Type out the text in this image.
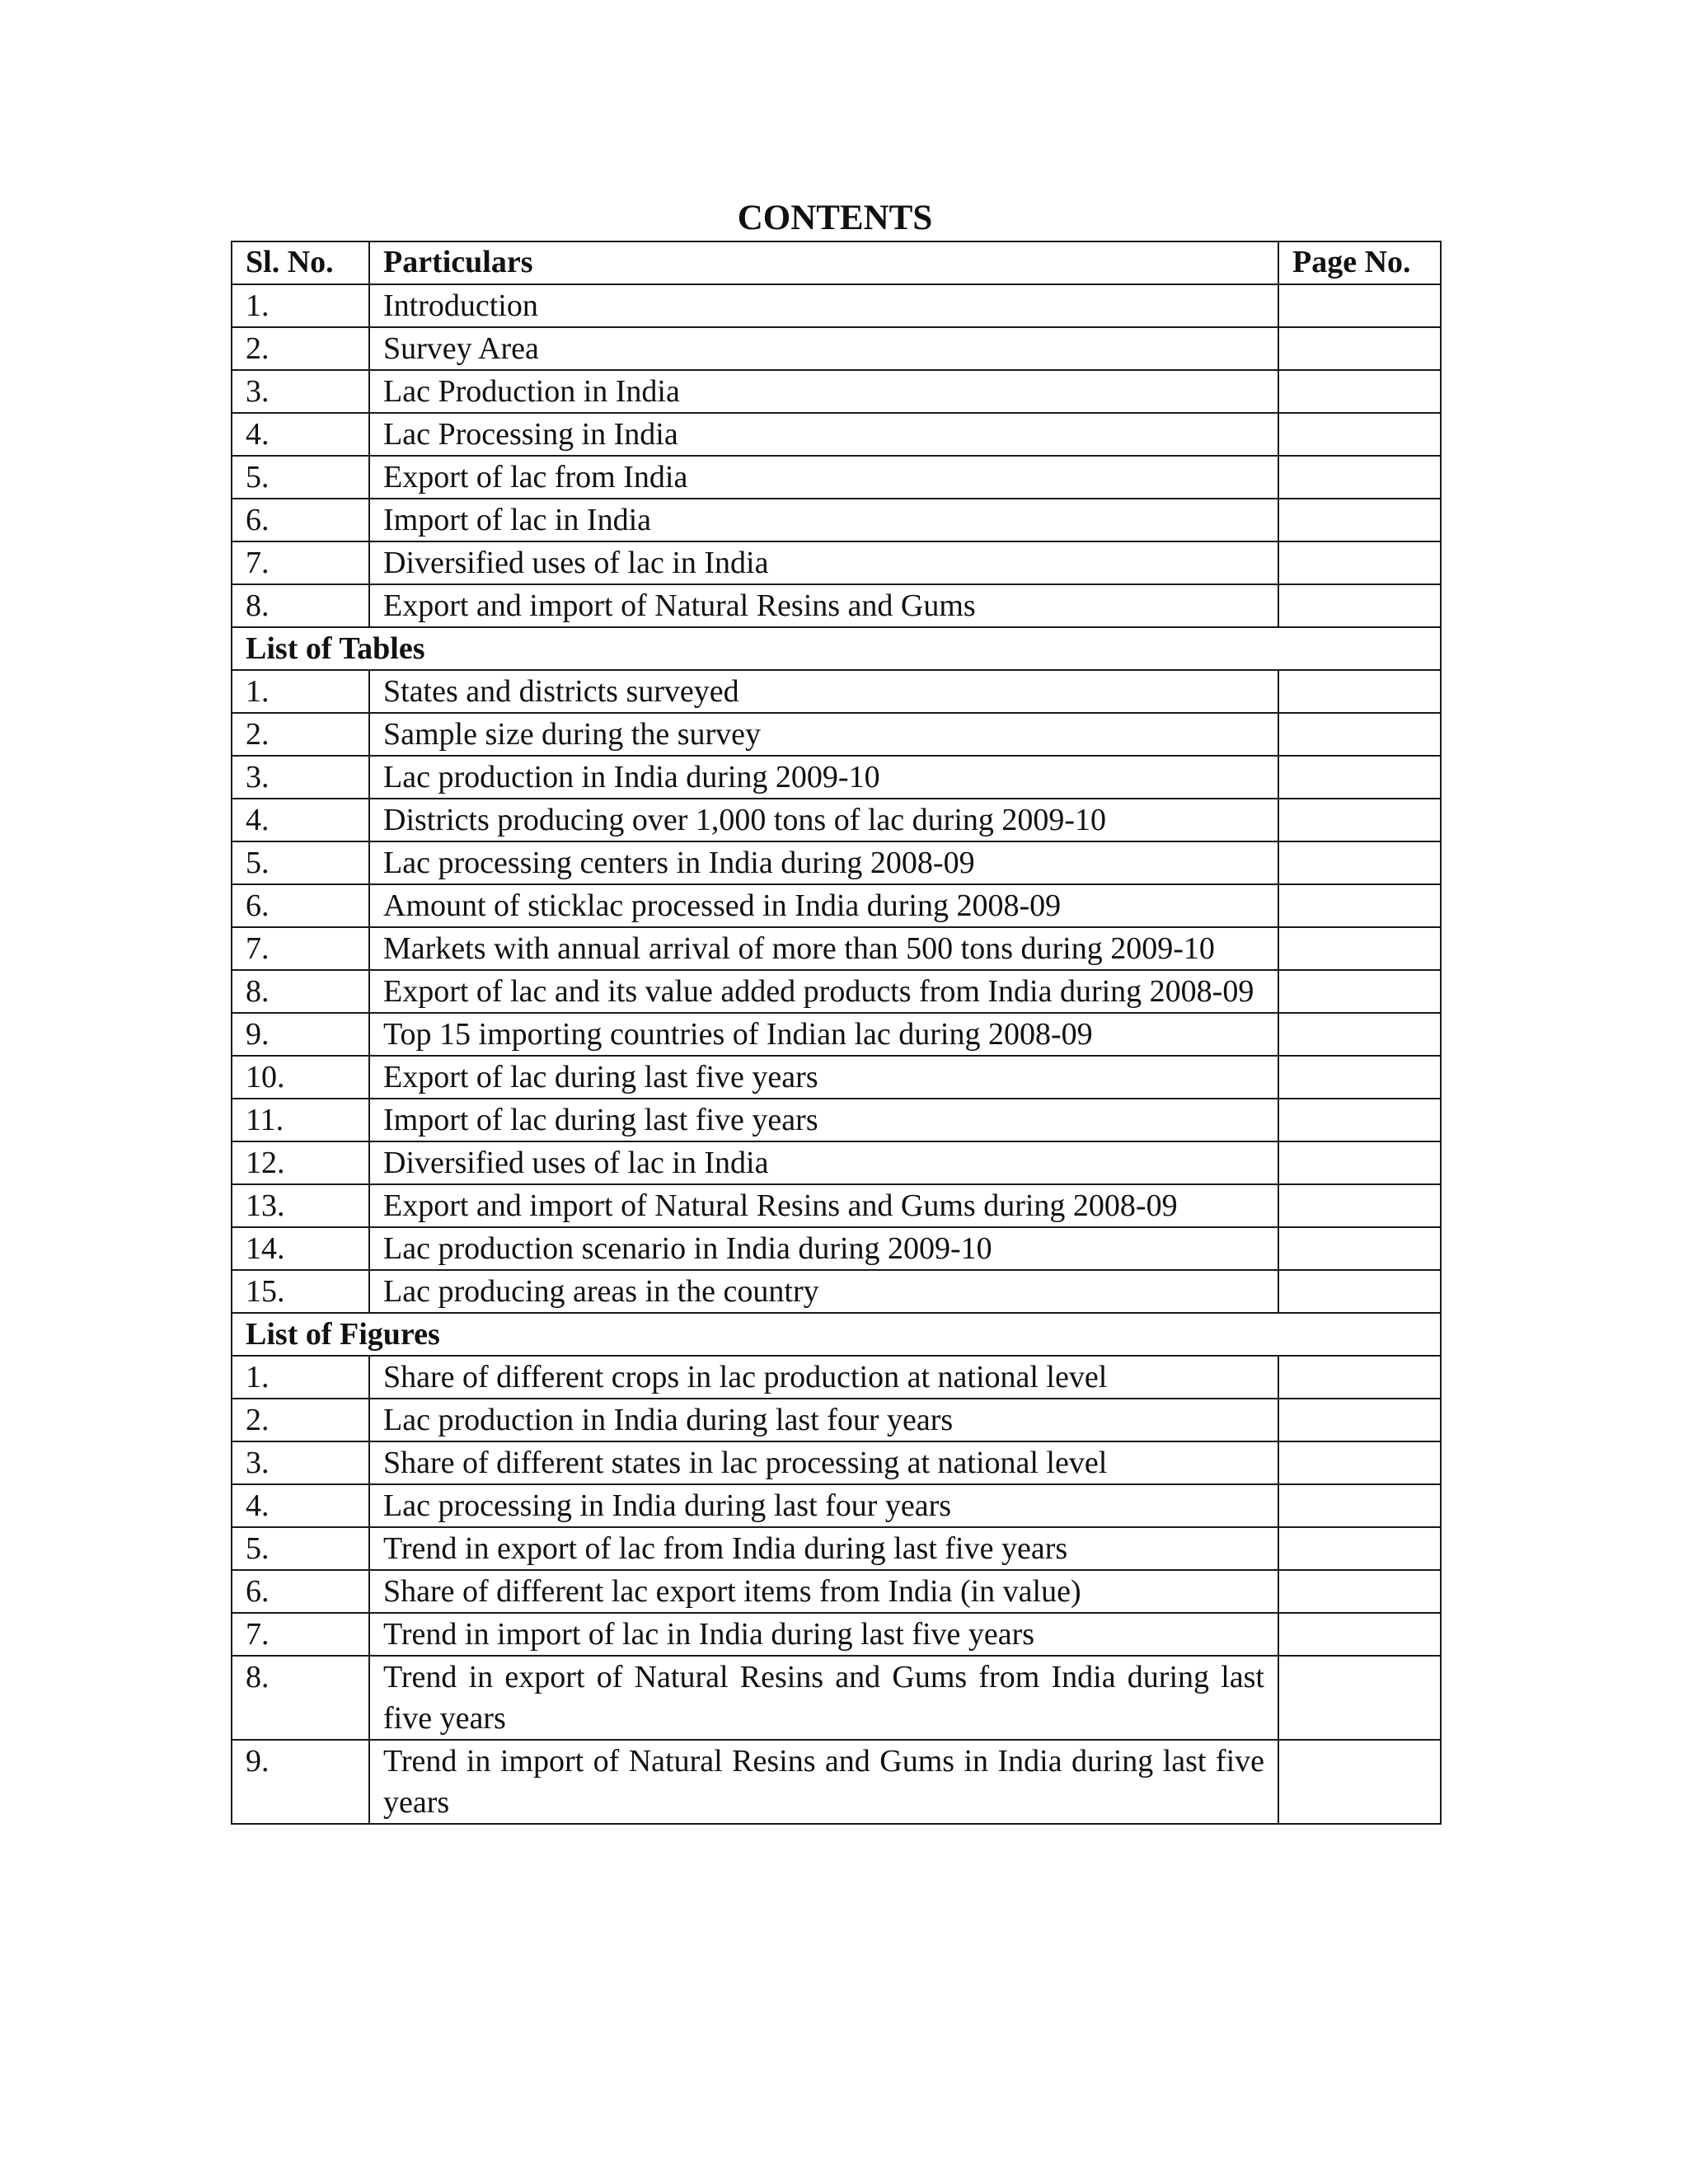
CONTENTS
Sl. No.	Particulars	Page No.
1.	Introduction	
2.	Survey Area	
3.	Lac Production in India	
4.	Lac Processing in India	
5.	Export of lac from India	
6.	Import of lac in India	
7.	Diversified uses of lac in India	
8.	Export and import of Natural Resins and Gums	
List of Tables		
1.	States and districts surveyed	
2.	Sample size during the survey	
3.	Lac production in India during 2009-10	
4.	Districts producing over 1,000 tons of lac during 2009-10	
5.	Lac processing centers in India during 2008-09	
6.	Amount of sticklac processed in India during 2008-09	
7.	Markets with annual arrival of more than 500 tons during 2009-10	
8.	Export of lac and its value added products from India during 2008-09	
9.	Top 15 importing countries of Indian lac during 2008-09	
10.	Export of lac during last five years	
11.	Import of lac during last five years	
12.	Diversified uses of lac in India	
13.	Export and import of Natural Resins and Gums during 2008-09	
14.	Lac production scenario in India during 2009-10	
15.	Lac producing areas in the country	
List of Figures		
1.	Share of different crops in lac production at national level	
2.	Lac production in India during last four years	
3.	Share of different states in lac processing at national level	
4.	Lac processing in India during last four years	
5.	Trend in export of lac from India during last five years	
6.	Share of different lac export items from India (in value)	
7.	Trend in import of lac in India during last five years	
8.	Trend in export of Natural Resins and Gums from India during last five years	
9.	Trend in import of Natural Resins and Gums in India during last five years	
